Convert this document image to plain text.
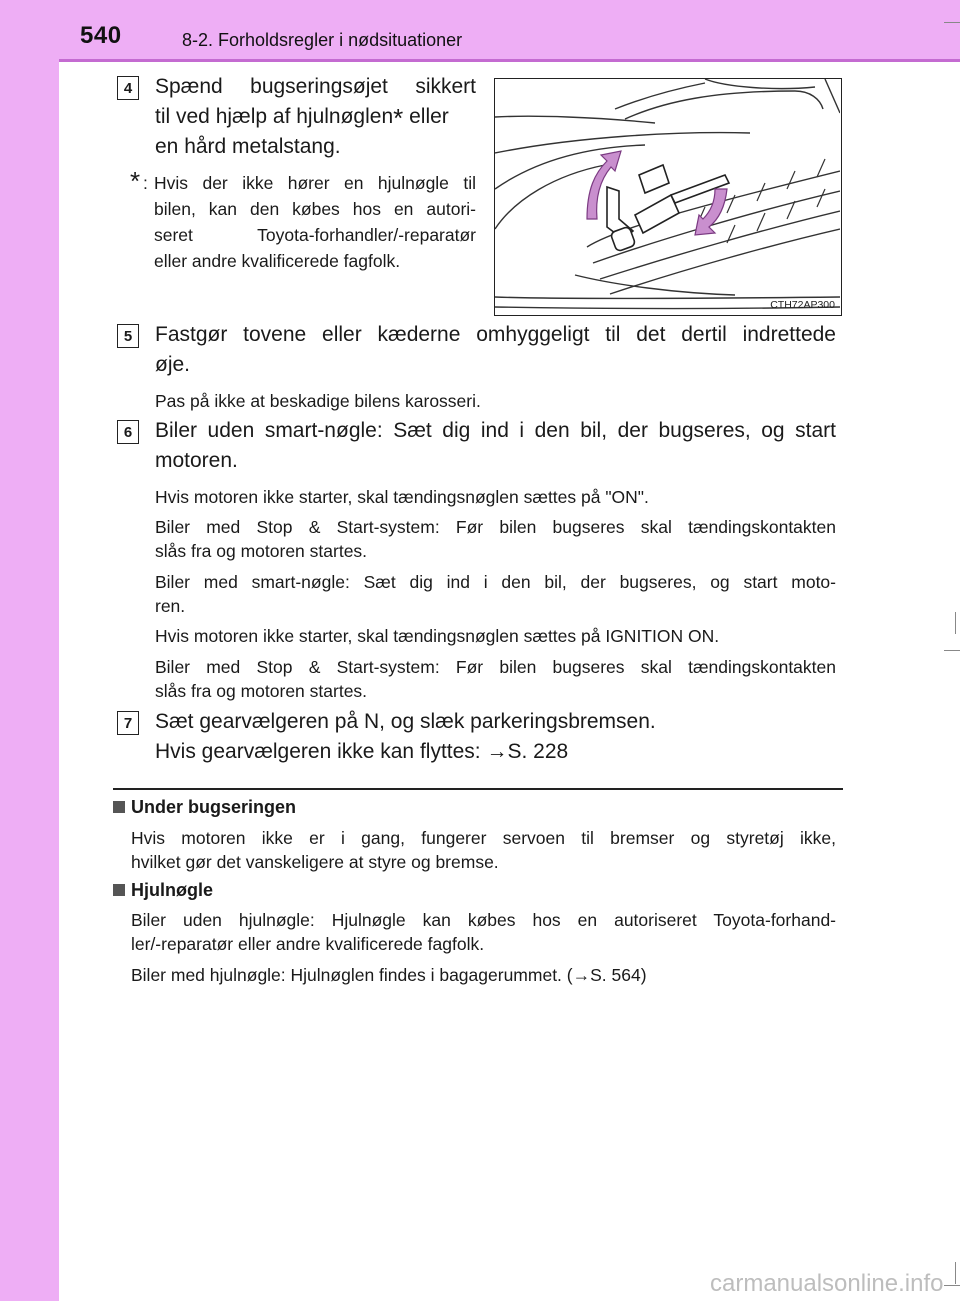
540	8-2. Forholdsregler i nødsituationer
4	Spænd bugseringsøjet sikkert
til ved hjælp af hjulnøglen* eller
en hård metalstang.
* : Hvis der ikke hører en hjulnøgle til
bilen, kan den købes hos en autori-
seret Toyota-forhandler/-reparatør
eller andre kvalificerede fagfolk.
CTH72AP300
5	Fastgør tovene eller kæderne omhyggeligt til det dertil indrettede
øje.
Pas på ikke at beskadige bilens karosseri.
6	Biler uden smart-nøgle: Sæt dig ind i den bil, der bugseres, og start
motoren.
Hvis motoren ikke starter, skal tændingsnøglen sættes på "ON".
Biler med Stop & Start-system: Før bilen bugseres skal tændingskontakten
slås fra og motoren startes.
Biler med smart-nøgle: Sæt dig ind i den bil, der bugseres, og start moto-
ren.
Hvis motoren ikke starter, skal tændingsnøglen sættes på IGNITION ON.
Biler med Stop & Start-system: Før bilen bugseres skal tændingskontakten
slås fra og motoren startes.
7	Sæt gearvælgeren på N, og slæk parkeringsbremsen.
Hvis gearvælgeren ikke kan flyttes: →S. 228
Under bugseringen
Hvis motoren ikke er i gang, fungerer servoen til bremser og styretøj ikke,
hvilket gør det vanskeligere at styre og bremse.
Hjulnøgle
Biler uden hjulnøgle: Hjulnøgle kan købes hos en autoriseret Toyota-forhand-
ler/-reparatør eller andre kvalificerede fagfolk.
Biler med hjulnøgle: Hjulnøglen findes i bagagerummet. (→S. 564)
carmanualsonline.info
